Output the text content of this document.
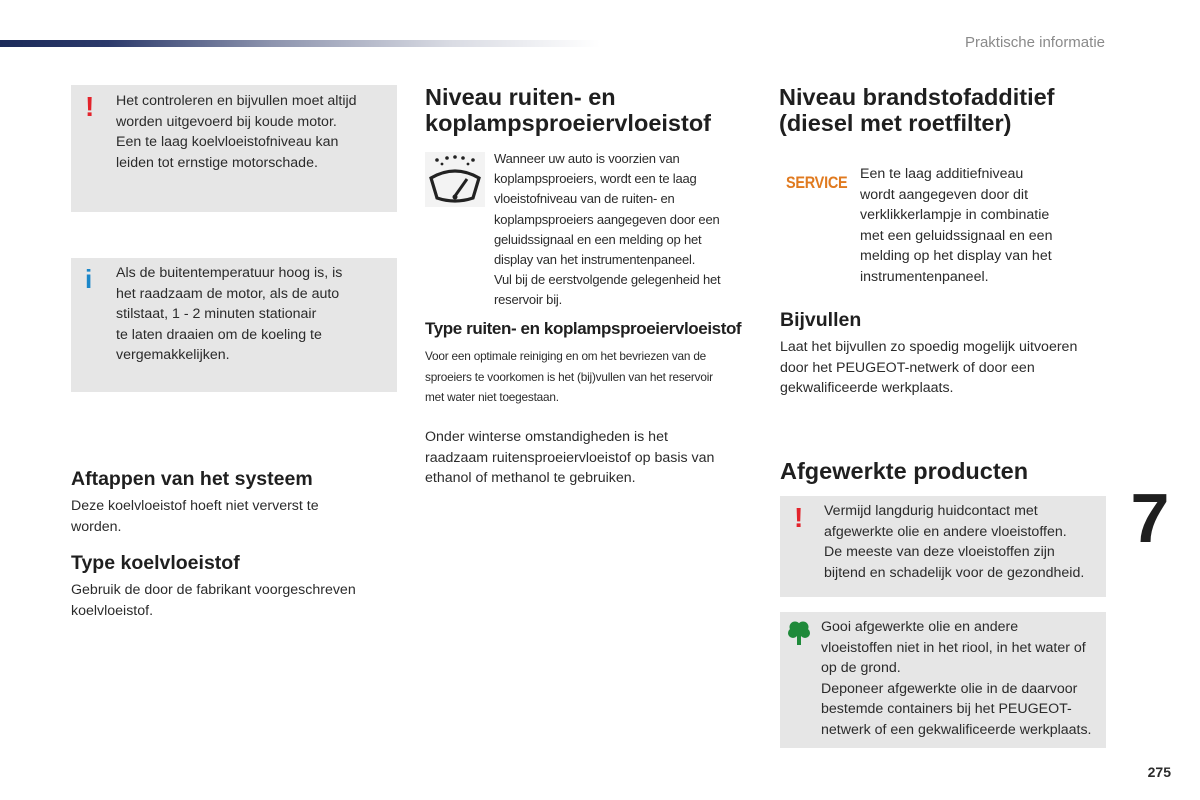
Praktische informatie
! Het controleren en bijvullen moet altijd

worden uitgevoerd bij koude motor.

Een te laag koelvloeistofniveau kan

leiden tot ernstige motorschade.

i Als de buitentemperatuur hoog is, is

het raadzaam de motor, als de auto

stilstaat, 1 - 2 minuten stationair

te laten draaien om de koeling te

vergemakkelijken.

Aftappen van het systeem

Deze koelvloeistof hoeft niet ververst te

worden.

Type koelvloeistof

Gebruik de door de fabrikant voorgeschreven

koelvloeistof.

Niveau ruiten- en
koplampsproeiervloeistof

Wanneer uw auto is voorzien van

koplampsproeiers, wordt een te laag

vloeistofniveau van de ruiten- en

koplampsproeiers aangegeven door een

geluidssignaal en een melding op het

display van het instrumentenpaneel.

Vul bij de eerstvolgende gelegenheid het

reservoir bij.

Type ruiten- en koplampsproeiervloeistof

Voor een optimale reiniging en om het bevriezen van de

sproeiers te voorkomen is het (bij)vullen van het reservoir

met water niet toegestaan.

Onder winterse omstandigheden is het

raadzaam ruitensproeiervloeistof op basis van

ethanol of methanol te gebruiken.

Niveau brandstofadditief
(diesel met roetfilter)
SERVICE Een te laag additiefniveau

wordt aangegeven door dit

verklikkerlampje in combinatie

met een geluidssignaal en een

melding op het display van het

instrumentenpaneel.

Bijvullen

Laat het bijvullen zo spoedig mogelijk uitvoeren

door het PEUGEOT-netwerk of door een

gekwalificeerde werkplaats.

Afgewerkte producten
! Vermijd langdurig huidcontact met

afgewerkte olie en andere vloeistoffen.

De meeste van deze vloeistoffen zijn

bijtend en schadelijk voor de gezondheid.

Gooi afgewerkte olie en andere

vloeistoffen niet in het riool, in het water of

op de grond.

Deponeer afgewerkte olie in de daarvoor

bestemde containers bij het PEUGEOT-

netwerk of een gekwalificeerde werkplaats.

7
275
